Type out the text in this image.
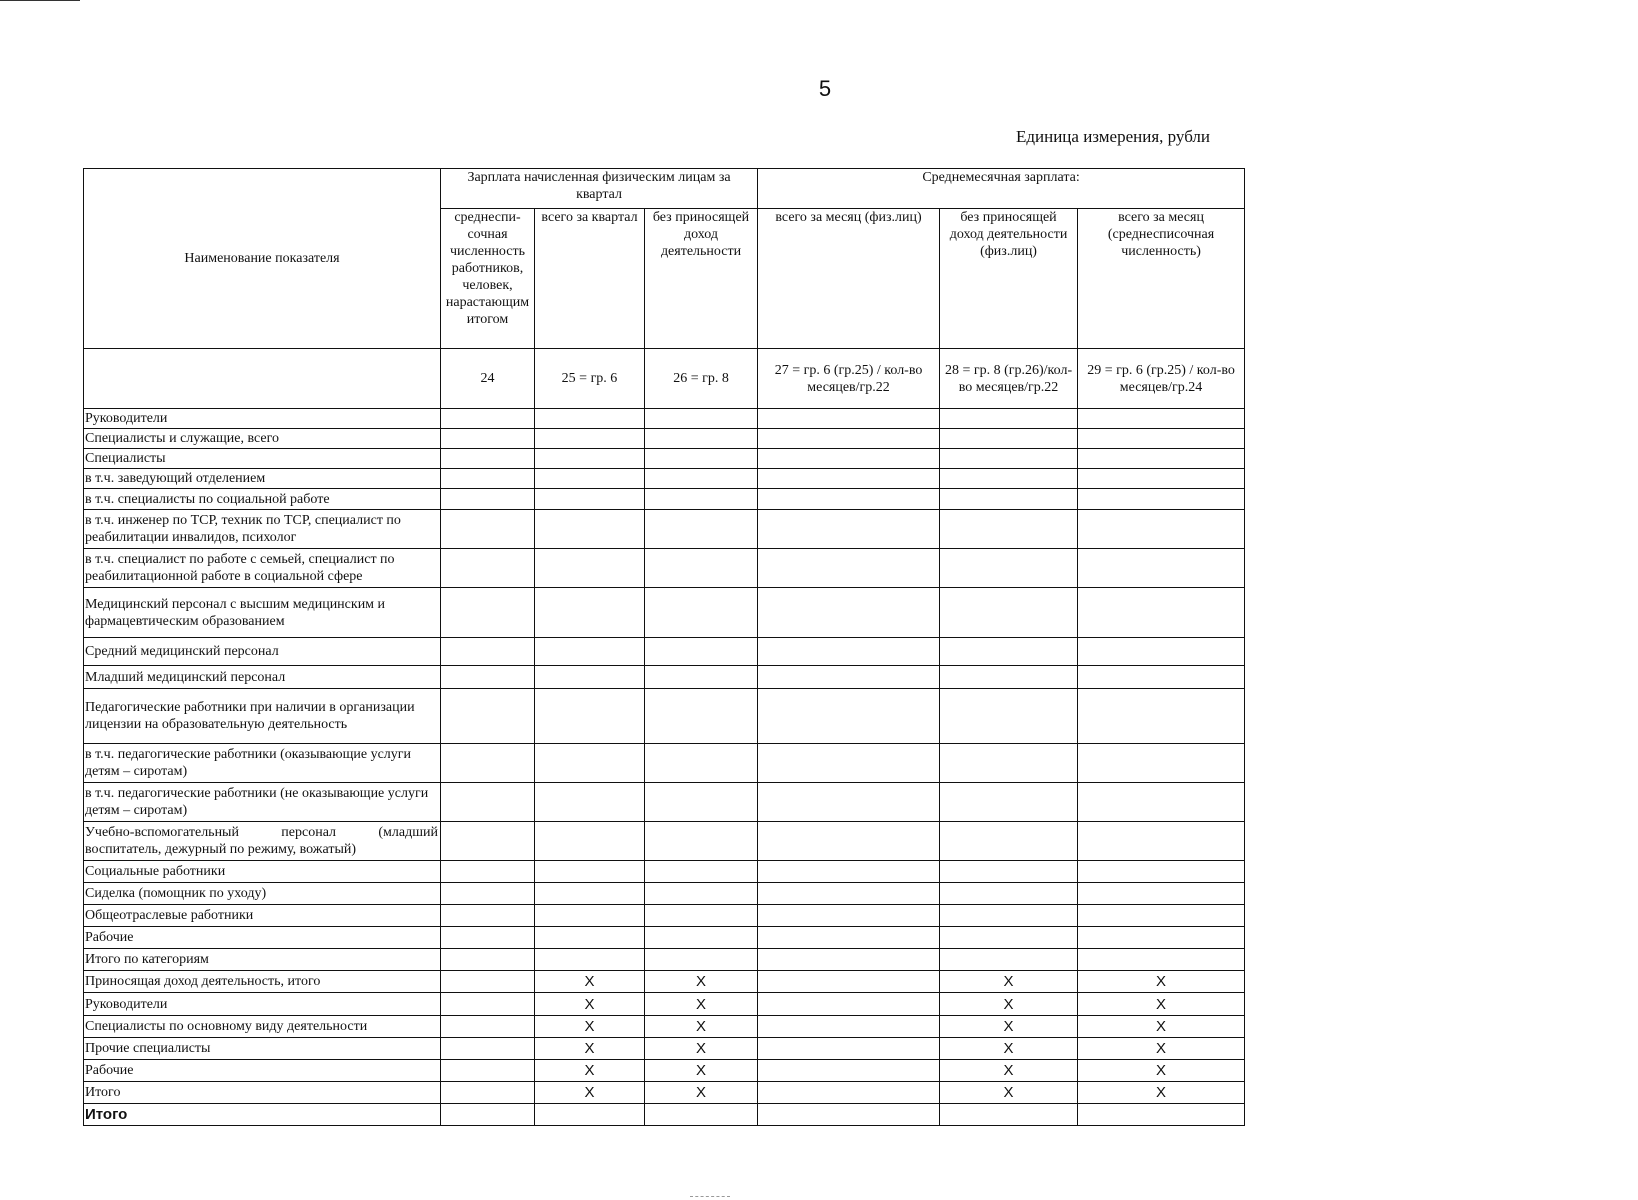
5
Единица измерения, рубли
Наименование показателя	Зарплата начисленная физическим лицам за квартал			Среднемесячная зарплата:		
	среднесписочная численность работников, человек, нарастающим итогом	всего за квартал	без приносящей доход деятельности	всего за месяц (физ.лиц)	без приносящей доход деятельности (физ.лиц)	всего за месяц (среднесписочная численность)
	24	25 = гр. 6	26 = гр. 8	27 = гр. 6 (гр.25) / кол-во месяцев/гр.22	28 = гр. 8 (гр.26)/кол-во месяцев/гр.22	29 = гр. 6 (гр.25) / кол-во месяцев/гр.24
Руководители						
Специалисты и служащие, всего						
Специалисты						
в т.ч. заведующий отделением						
в т.ч. специалисты по социальной работе						
в т.ч. инженер по ТСР, техник по ТСР, специалист по реабилитации инвалидов, психолог						
в т.ч. специалист по работе с семьей, специалист по реабилитационной работе в социальной сфере						
Медицинский персонал с высшим медицинским и фармацевтическим образованием						
Средний медицинский персонал						
Младший медицинский персонал						
Педагогические работники при наличии в организации лицензии на образовательную деятельность						
в т.ч. педагогические работники (оказывающие услуги детям – сиротам)						
в т.ч. педагогические работники (не оказывающие услуги детям – сиротам)						
Учебно-вспомогательный персонал (младший воспитатель, дежурный по режиму, вожатый)						
Социальные работники						
Сиделка (помощник по уходу)						
Общеотраслевые работники						
Рабочие						
Итого по категориям						
Приносящая доход деятельность, итого		X	X		X	X
Руководители		X	X		X	X
Специалисты по основному виду деятельности		X	X		X	X
Прочие специалисты		X	X		X	X
Рабочие		X	X		X	X
Итого		X	X		X	X
Итого						
